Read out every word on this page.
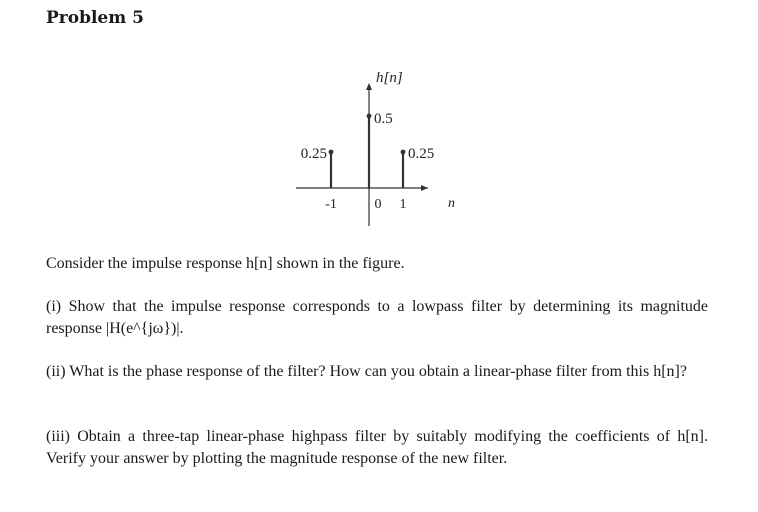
Problem 5
h[n]
0.5
0.25	0.25
-1	0 1	n

Consider the impulse response h[n] shown in the figure.

(i) Show that the impulse response corresponds to a lowpass filter by determining its magnitude response |H(e^{jω})|.

(ii) What is the phase response of the filter? How can you obtain a linear-phase filter from this h[n]?

(iii) Obtain a three-tap linear-phase highpass filter by suitably modifying the coefficients of h[n]. Verify your answer by plotting the magnitude response of the new filter.
